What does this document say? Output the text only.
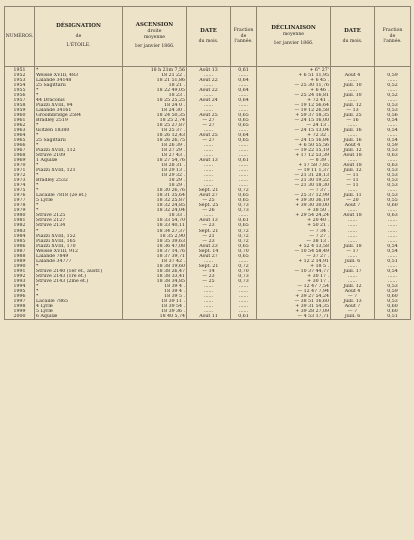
NUMÉROS.	DÉSIGNATION
de
L'ÉTOILE.	ASCENSION
droite
moyenne
1er janvier 1866.	DATE
du mois.	Fraction
de
l'année.	DÉCLINAISON
moyenne
1er janvier 1866.	DATE
du mois.	Fraction
de
l'année.

1951	*	18 h 21m 7,56	Août 13	0,61	+ 6° 27'		
1952	Weisse XVIII, 483	18 21 22 .	......	......	+ 6 51 11,95	Août 4	0,59
1953	Lalande 34148	18 21 51,86	Août 22	0,64	+ 6 45 .	......	......
1954	25 Sagittarii	18 21 .	......	......	— 25 30 11,76	Juill. 10	0,52
1955	*	18 22 49,05	Août 22	0,64	+ 6 46 .	......	......
1956	*	18 23 .	......	......	— 25 24 16,81	Juill. 10	0,52
1957	44 Draconis	18 25 25,25	Août 24	0,64	+ 72 41 .	......	......
1958	Piazzi XVIII, 94	18 24 0 .	......	......	— 19 12 56,64	Juill. 12	0,53
1959	Lalande 34161	18 24 30 .	......	......	— 19 12 26,58	— 13	0,53
1960	Groombridge 2584	18 24 50,35	Août 25	0,65	+ 59 37 18,35	Juill. 25	0,56
1961	Bradley 2519	18 25 2,74	— 27	0,65	— 24 15 16,00	— 16	0,54
1962	*	18 25 27,87	— 27	0,65	— 24 13 .	......	......
1963	Œltzen 18380	18 25 37 .	......	......	— 24 15 13,04	Juill. 16	0,54
1964	*	18 26 12,43	Août 25	0,64	+ 72 32 .	......	......
1965	25 Sagittarii	18 26 26,75	— 27	0,65	— 24 15 16,84	Juill. 16	0,54
1966	*	18 26 39 .	......	......	+ 6 50 55,56	Août 4	0,59
1967	Piazzi XVIII, 112	18 27 29 .	......	......	— 19 22 15,19	Juill. 12	0,53
1968	Struve 2109	18 27 43 .	......	......	+ 17 12 53,39	Août 18	0,63
1969	1 Aquilæ	18 27 54,76	Août 13	0,61	— 8 39 .	......	......
1970	*	18 28 31 .	......	......	+ 17 58 7,85	Août 18	0,63
1971	Piazzi XVIII, 121	18 29 13 .	......	......	— 19 11 1,37	Juill. 12	0,53
1972	*	18 29 32 .	......	......	— 21 31 28,13	— 11	0,53
1973	Bradley 2532	18 29 .	......	......	— 21 30 19,22	— 11	0,53
1974	*	18 29 .	......	......	— 21 30 18,30	— 11	0,53
1975	*	18 30 26,76	Sept. 21	0,72	— 7 37 .	......	......
1976	Lacaille 7818 (2e ét.)	18 31 35,64	Août 27	0,65	— 25 37 12,99	Juill. 11	0,53
1977	5 Lyræ	18 32 25,87	— 25	0,65	+ 39 30 36,19	— 20	0,55
1978	*	18 32 24,85	Sept. 25	0,73	+ 39 30 30,00	Août 7	0,60
1979	*	18 32 24,04	— 26	0,73	+ 38 50 .	......	......
1980	Struve 2125	18 33 .	......	......	+ 29 54 24,24	Août 18	0,63
1981	Struve 2127	18 33 54,70	Août 13	0,61	+ 20 40 .	......	......
1982	Struve 2134	18 33 40,11	— 23	0,65	+ 50 21 .	......	......
1983	*	18 34 27,37	Sept. 21	0,72	— 7 34 .	......	......
1984	Piazzi XVIII, 152	18 35 2,90	— 21	0,72	— 7 27 .	......	......
1985	Piazzi XVIII, 165	18 35 39,63	— 23	0,72	— 38 13 .	......	......
1986	Piazzi XVIII, 170	18 36 47,08	Août 23	0,65	+ 52 4 13,58	Juill. 18	0,54
1987	Weisse XVIII, 912	18 37 14,76	Sept. 14	0,70	— 10 54 58,49	— 17	0,54
1988	Lalande 7849	18 37 39,71	Août 27	0,65	— 37 27 .	......	......
1989	Lalande 34777	18 37 42 .	......	......	+ 12 2 14,91	Juill. 6	0,51
1990	*	18 38 19,60	Sept. 21	0,72	+ 18 5 .	......	......
1991	Struve 2140 (1er ét., austr.)	18 38 26,47	— 14	0,70	— 10 37 44,77	Juill. 17	0,54
1992	Struve 2143 (1re ét.)	18 38 33,41	— 23	0,73	+ 30 17 .	......	......
1993	Struve 2143 (2me ét.)	18 38 34,85	— 25	0,73	+ 30 17 .	......	......
1994	*	18 39 4 .	......	......	— 12 47 7,54	Juill. 12	0,53
1995	*	18 39 4 .	......	......	— 12 47 7,94	Août 4	0,59
1996	*	18 39 5 .	......	......	+ 39 27 54,24	— 7	0,60
1997	Lacaille 7865	18 39 11 .	......	......	— 38 51 16,60	Juill. 13	0,53
1998	4 Lyræ	18 39 54 .	......	......	+ 39 31 54,35	Août 7	0,60
1999	5 Lyræ	18 39 36 .	......	......	+ 39 28 27,09	— 7	0,60
2000	6 Aquilæ	18 40 5,74	Août 11	0,61	— 4 53 17,71	Juill. 6	0,51
